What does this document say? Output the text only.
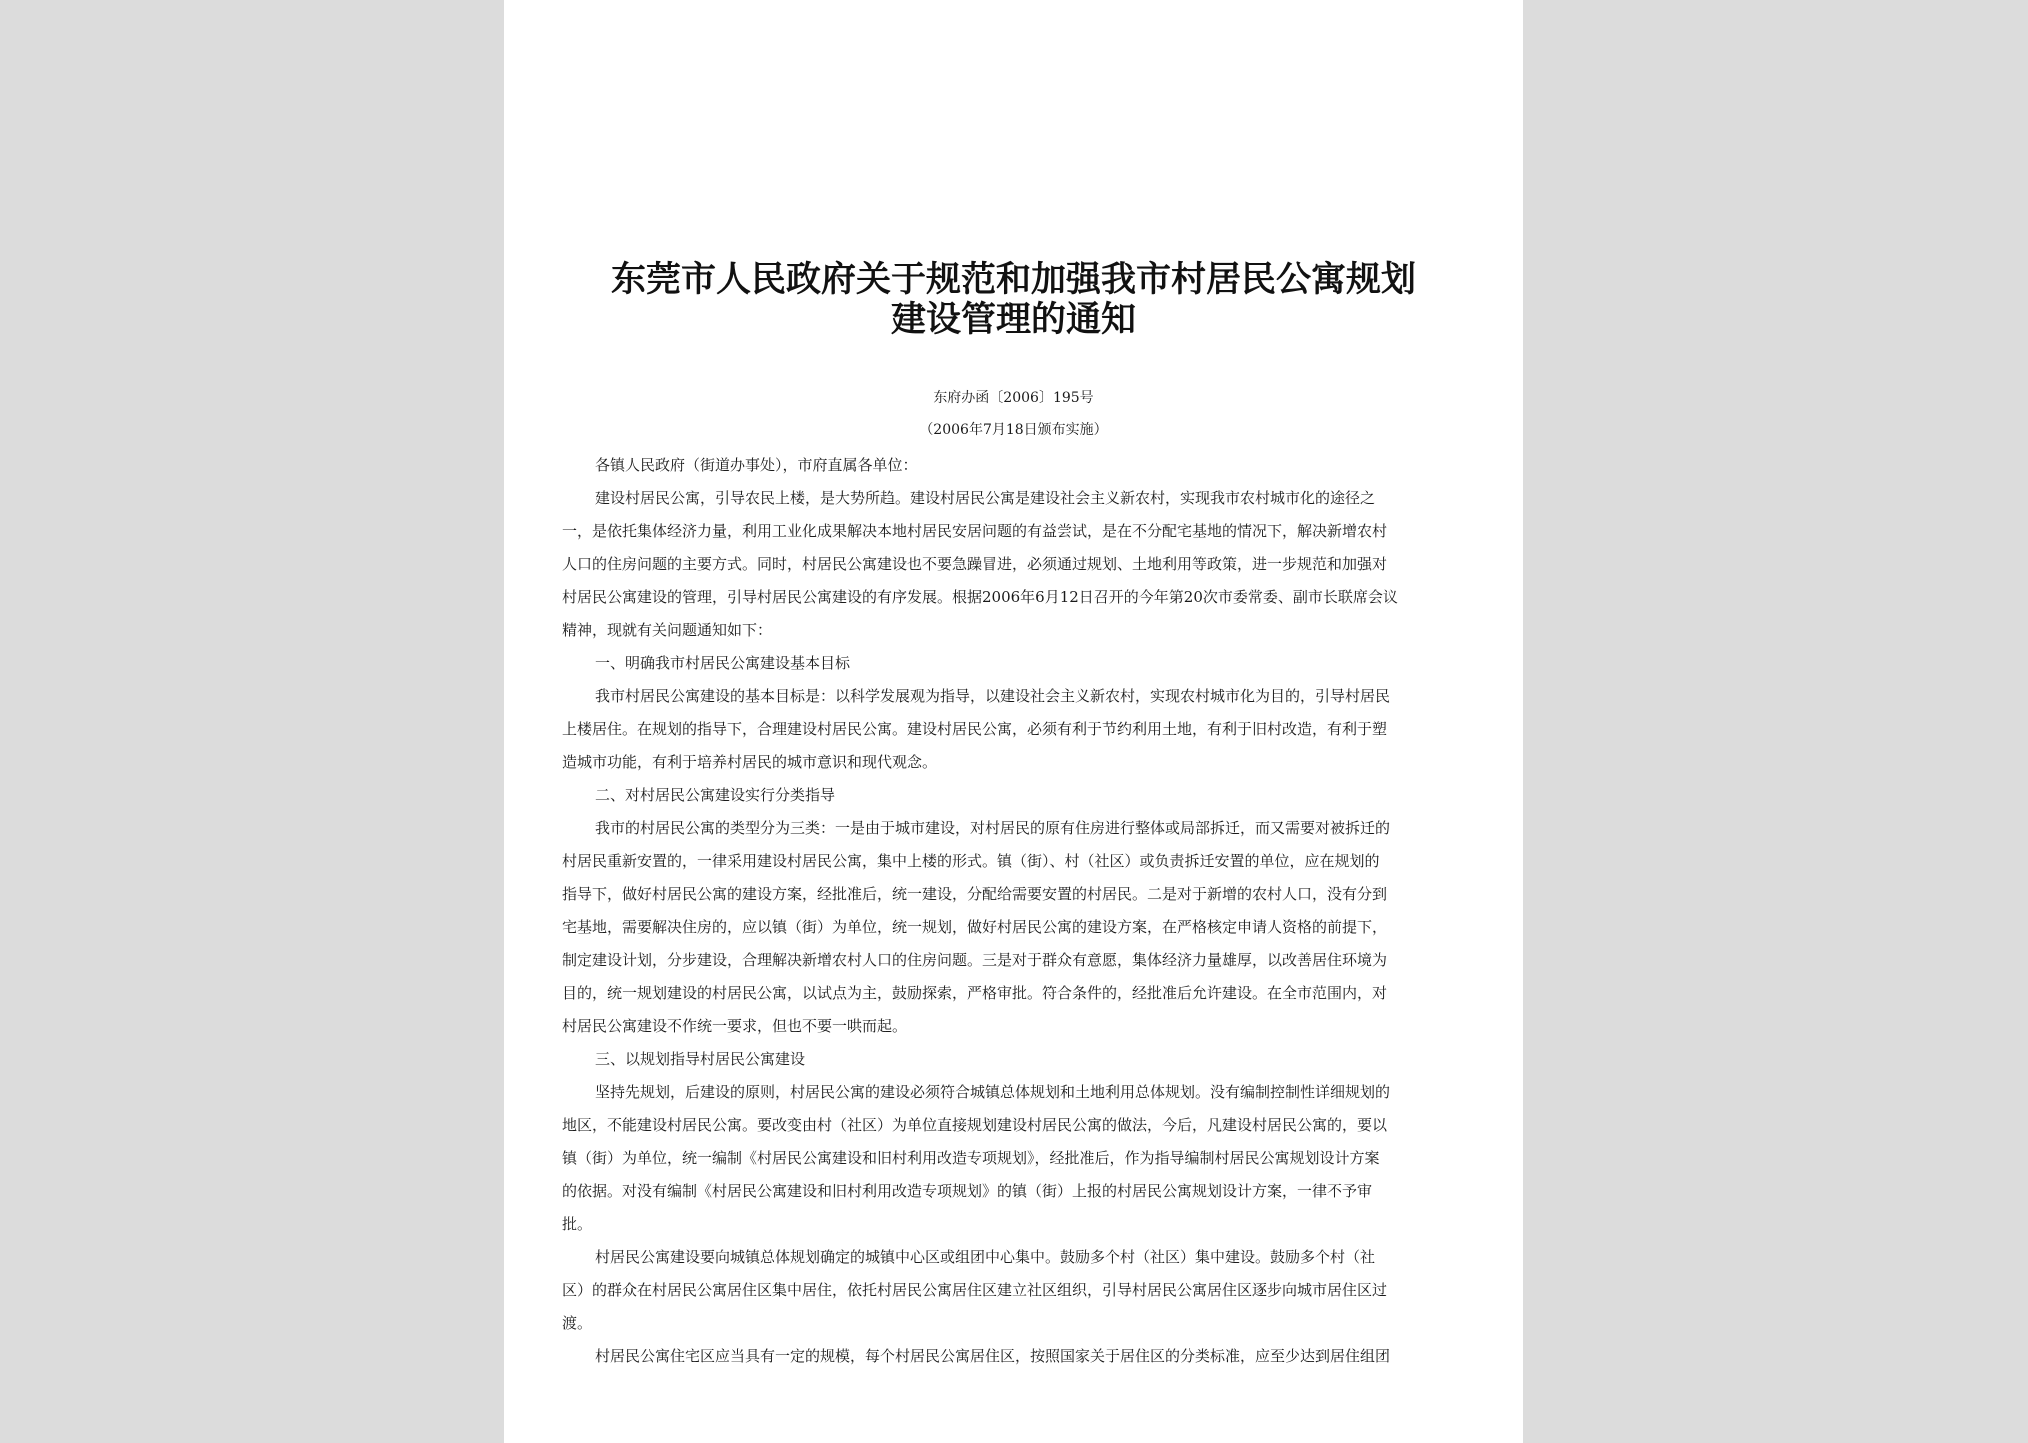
东莞市人民政府关于规范和加强我市村居民公寓规划
建设管理的通知
东府办函〔2006〕195号
（2006年7月18日颁布实施）
各镇人民政府（街道办事处），市府直属各单位：
建设村居民公寓，引导农民上楼，是大势所趋。建设村居民公寓是建设社会主义新农村，实现我市农村城市化的途径之
一，是依托集体经济力量，利用工业化成果解决本地村居民安居问题的有益尝试，是在不分配宅基地的情况下，解决新增农村
人口的住房问题的主要方式。同时，村居民公寓建设也不要急躁冒进，必须通过规划、土地利用等政策，进一步规范和加强对
村居民公寓建设的管理，引导村居民公寓建设的有序发展。根据2006年6月12日召开的今年第20次市委常委、副市长联席会议
精神，现就有关问题通知如下：
一、明确我市村居民公寓建设基本目标
我市村居民公寓建设的基本目标是：以科学发展观为指导，以建设社会主义新农村，实现农村城市化为目的，引导村居民
上楼居住。在规划的指导下，合理建设村居民公寓。建设村居民公寓，必须有利于节约利用土地，有利于旧村改造，有利于塑
造城市功能，有利于培养村居民的城市意识和现代观念。
二、对村居民公寓建设实行分类指导
我市的村居民公寓的类型分为三类：一是由于城市建设，对村居民的原有住房进行整体或局部拆迁，而又需要对被拆迁的
村居民重新安置的，一律采用建设村居民公寓，集中上楼的形式。镇（街）、村（社区）或负责拆迁安置的单位，应在规划的
指导下，做好村居民公寓的建设方案，经批准后，统一建设，分配给需要安置的村居民。二是对于新增的农村人口，没有分到
宅基地，需要解决住房的，应以镇（街）为单位，统一规划，做好村居民公寓的建设方案，在严格核定申请人资格的前提下，
制定建设计划，分步建设，合理解决新增农村人口的住房问题。三是对于群众有意愿，集体经济力量雄厚，以改善居住环境为
目的，统一规划建设的村居民公寓，以试点为主，鼓励探索，严格审批。符合条件的，经批准后允许建设。在全市范围内，对
村居民公寓建设不作统一要求，但也不要一哄而起。
三、以规划指导村居民公寓建设
坚持先规划，后建设的原则，村居民公寓的建设必须符合城镇总体规划和土地利用总体规划。没有编制控制性详细规划的
地区，不能建设村居民公寓。要改变由村（社区）为单位直接规划建设村居民公寓的做法，今后，凡建设村居民公寓的，要以
镇（街）为单位，统一编制《村居民公寓建设和旧村利用改造专项规划》，经批准后，作为指导编制村居民公寓规划设计方案
的依据。对没有编制《村居民公寓建设和旧村利用改造专项规划》的镇（街）上报的村居民公寓规划设计方案，一律不予审
批。
村居民公寓建设要向城镇总体规划确定的城镇中心区或组团中心集中。鼓励多个村（社区）集中建设。鼓励多个村（社
区）的群众在村居民公寓居住区集中居住，依托村居民公寓居住区建立社区组织，引导村居民公寓居住区逐步向城市居住区过
渡。
村居民公寓住宅区应当具有一定的规模，每个村居民公寓居住区，按照国家关于居住区的分类标准，应至少达到居住组团
